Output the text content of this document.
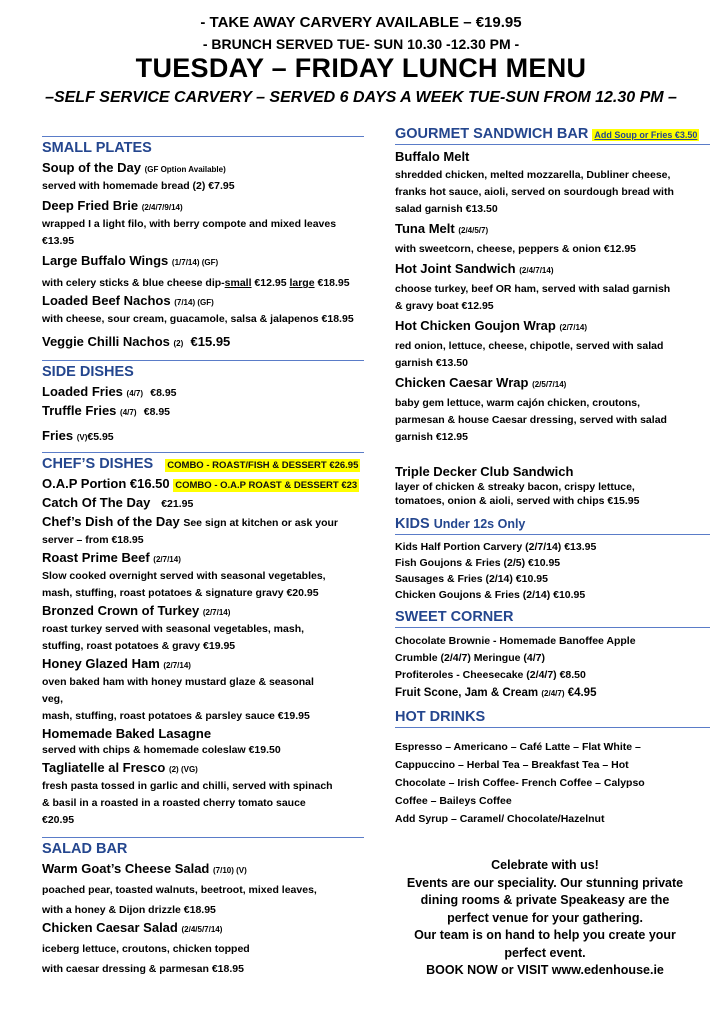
- TAKE AWAY CARVERY AVAILABLE – €19.95
- BRUNCH SERVED TUE- SUN 10.30 -12.30 PM -
TUESDAY – FRIDAY LUNCH MENU
–SELF SERVICE CARVERY – SERVED 6 DAYS A WEEK TUE-SUN FROM 12.30 PM –
SMALL PLATES
Soup of the Day (GF Option Available)
served with homemade bread (2) €7.95
Deep Fried Brie (2/4/7/9/14)
wrapped I a light filo, with berry compote and mixed leaves
€13.95
Large Buffalo Wings (1/7/14) (GF)
with celery sticks & blue cheese dip-small €12.95 large €18.95
Loaded Beef Nachos (7/14) (GF)
with cheese, sour cream, guacamole, salsa & jalapenos €18.95
Veggie Chilli Nachos (2) €15.95
SIDE DISHES
Loaded Fries (4/7) €8.95
Truffle Fries (4/7) €8.95
Fries (V)€5.95
CHEF’S DISHES COMBO - ROAST/FISH & DESSERT €26.95
O.A.P Portion €16.50 COMBO - O.A.P ROAST & DESSERT €23
Catch Of The Day €21.95
Chef’s Dish of the Day See sign at kitchen or ask your
server – from €18.95
Roast Prime Beef (2/7/14)
Slow cooked overnight served with seasonal vegetables,
mash, stuffing, roast potatoes & signature gravy €20.95
Bronzed Crown of Turkey (2/7/14)
roast turkey served with seasonal vegetables, mash,
stuffing, roast potatoes & gravy €19.95
Honey Glazed Ham (2/7/14)
oven baked ham with honey mustard glaze & seasonal
veg,
mash, stuffing, roast potatoes & parsley sauce €19.95
Homemade Baked Lasagne
served with chips & homemade coleslaw €19.50
Tagliatelle al Fresco (2) (VG)
fresh pasta tossed in garlic and chilli, served with spinach
& basil in a roasted in a roasted cherry tomato sauce
€20.95
SALAD BAR
Warm Goat’s Cheese Salad (7/10) (V)
poached pear, toasted walnuts, beetroot, mixed leaves,
with a honey & Dijon drizzle €18.95
Chicken Caesar Salad (2/4/5/7/14)
iceberg lettuce, croutons, chicken topped
with caesar dressing & parmesan €18.95
GOURMET SANDWICH BAR Add Soup or Fries €3.50
Buffalo Melt
shredded chicken, melted mozzarella, Dubliner cheese,
franks hot sauce, aioli, served on sourdough bread with
salad garnish €13.50
Tuna Melt (2/4/5/7)
with sweetcorn, cheese, peppers & onion €12.95
Hot Joint Sandwich (2/4/7/14)
choose turkey, beef OR ham, served with salad garnish
& gravy boat €12.95
Hot Chicken Goujon Wrap (2/7/14)
red onion, lettuce, cheese, chipotle, served with salad
garnish €13.50
Chicken Caesar Wrap (2/5/7/14)
baby gem lettuce, warm cajón chicken, croutons,
parmesan & house Caesar dressing, served with salad
garnish €12.95
Triple Decker Club Sandwich
layer of chicken & streaky bacon, crispy lettuce,
tomatoes, onion & aioli, served with chips €15.95
KIDS Under 12s Only
Kids Half Portion Carvery (2/7/14) €13.95
Fish Goujons & Fries (2/5) €10.95
Sausages & Fries (2/14) €10.95
Chicken Goujons & Fries (2/14) €10.95
SWEET CORNER
Chocolate Brownie - Homemade Banoffee Apple
Crumble (2/4/7) Meringue (4/7)
Profiteroles - Cheesecake (2/4/7) €8.50
Fruit Scone, Jam & Cream (2/4/7) €4.95
HOT DRINKS
Espresso – Americano – Café Latte – Flat White –
Cappuccino – Herbal Tea – Breakfast Tea – Hot
Chocolate – Irish Coffee- French Coffee – Calypso
Coffee – Baileys Coffee
Add Syrup – Caramel/ Chocolate/Hazelnut
Celebrate with us!
Events are our speciality. Our stunning private
dining rooms & private Speakeasy are the
perfect venue for your gathering.
Our team is on hand to help you create your
perfect event.
BOOK NOW or VISIT www.edenhouse.ie
